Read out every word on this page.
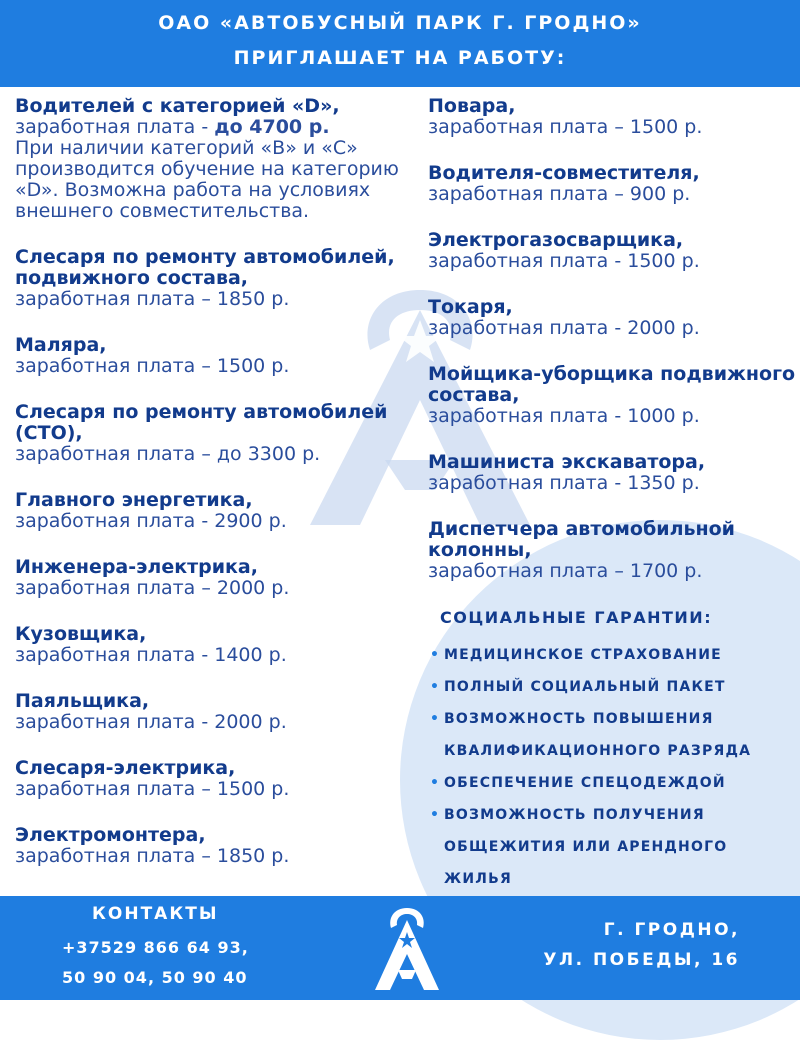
ОАО «АВТОБУСНЫЙ ПАРК Г. ГРОДНО»
ПРИГЛАШАЕТ НА РАБОТУ:
Водителей с категорией «D»,
заработная плата - до 4700 р.
При наличии категорий «В» и «С» производится обучение на категорию «D». Возможна работа на условиях внешнего совместительства.
Слесаря по ремонту автомобилей, подвижного состава,
заработная плата – 1850 р.
Маляра,
заработная плата – 1500 р.
Слесаря по ремонту автомобилей (СТО),
заработная плата – до 3300 р.
Главного энергетика,
заработная плата - 2900 р.
Инженера-электрика,
заработная плата – 2000 р.
Кузовщика,
заработная плата - 1400 р.
Паяльщика,
заработная плата - 2000 р.
Слесаря-электрика,
заработная плата – 1500 р.
Электромонтера,
заработная плата – 1850 р.
Повара,
заработная плата – 1500 р.
Водителя-совместителя,
заработная плата – 900 р.
Электрогазосварщика,
заработная плата - 1500 р.
Токаря,
заработная плата - 2000 р.
Мойщика-уборщика подвижного состава,
заработная плата - 1000 р.
Машиниста экскаватора,
заработная плата - 1350 р.
Диспетчера автомобильной колонны,
заработная плата – 1700 р.
СОЦИАЛЬНЫЕ ГАРАНТИИ:
• МЕДИЦИНСКОЕ СТРАХОВАНИЕ
• ПОЛНЫЙ СОЦИАЛЬНЫЙ ПАКЕТ
• ВОЗМОЖНОСТЬ ПОВЫШЕНИЯ КВАЛИФИКАЦИОННОГО РАЗРЯДА
• ОБЕСПЕЧЕНИЕ СПЕЦОДЕЖДОЙ
• ВОЗМОЖНОСТЬ ПОЛУЧЕНИЯ ОБЩЕЖИТИЯ ИЛИ АРЕНДНОГО ЖИЛЬЯ
КОНТАКТЫ
+37529 866 64 93,
50 90 04, 50 90 40
Г. ГРОДНО,
УЛ. ПОБЕДЫ, 16
